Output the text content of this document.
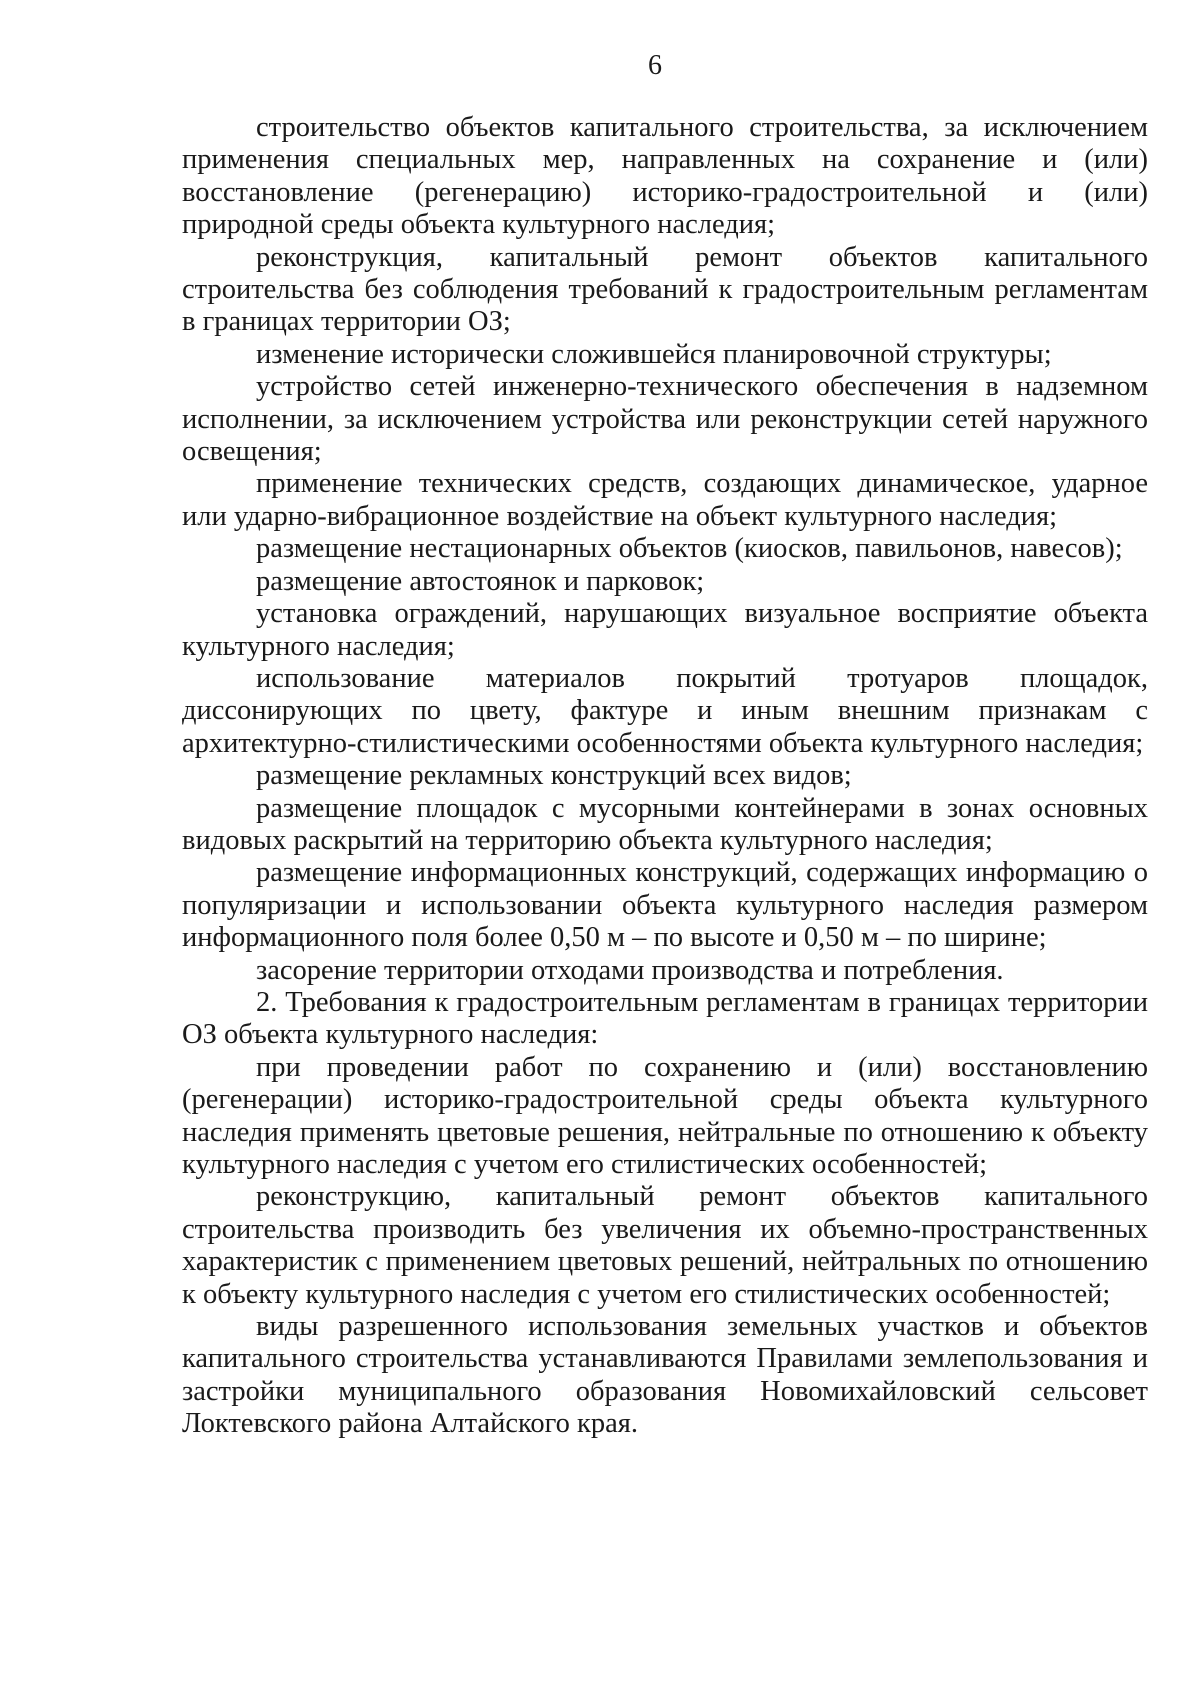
6

строительство объектов капитального строительства, за исключением применения специальных мер, направленных на сохранение и (или) восстановление (регенерацию) историко-градостроительной и (или) природной среды объекта культурного наследия;

реконструкция, капитальный ремонт объектов капитального строительства без соблюдения требований к градостроительным регламентам в границах территории ОЗ;

изменение исторически сложившейся планировочной структуры;

устройство сетей инженерно-технического обеспечения в надземном исполнении, за исключением устройства или реконструкции сетей наружного освещения;

применение технических средств, создающих динамическое, ударное или ударно-вибрационное воздействие на объект культурного наследия;

размещение нестационарных объектов (киосков, павильонов, навесов);

размещение автостоянок и парковок;

установка ограждений, нарушающих визуальное восприятие объекта культурного наследия;

использование материалов покрытий тротуаров площадок, диссонирующих по цвету, фактуре и иным внешним признакам с архитектурно-стилистическими особенностями объекта культурного наследия;

размещение рекламных конструкций всех видов;

размещение площадок с мусорными контейнерами в зонах основных видовых раскрытий на территорию объекта культурного наследия;

размещение информационных конструкций, содержащих информацию о популяризации и использовании объекта культурного наследия размером информационного поля более 0,50 м – по высоте и 0,50 м – по ширине;

засорение территории отходами производства и потребления.

2. Требования к градостроительным регламентам в границах территории ОЗ объекта культурного наследия:

при проведении работ по сохранению и (или) восстановлению (регенерации) историко-градостроительной среды объекта культурного наследия применять цветовые решения, нейтральные по отношению к объекту культурного наследия с учетом его стилистических особенностей;

реконструкцию, капитальный ремонт объектов капитального строительства производить без увеличения их объемно-пространственных характеристик с применением цветовых решений, нейтральных по отношению к объекту культурного наследия с учетом его стилистических особенностей;

виды разрешенного использования земельных участков и объектов капитального строительства устанавливаются Правилами землепользования и застройки муниципального образования Новомихайловский сельсовет Локтевского района Алтайского края.
